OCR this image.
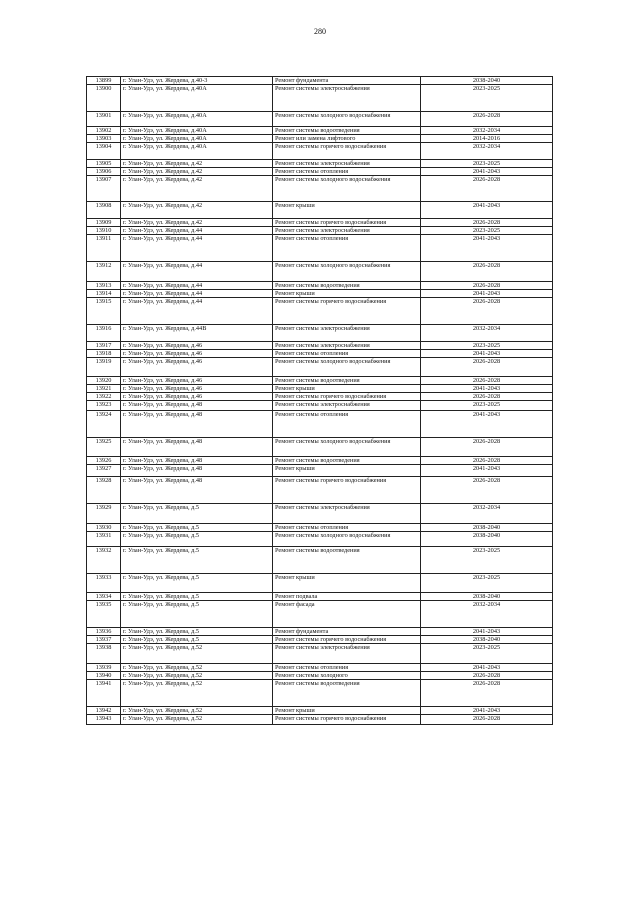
280
13899	г. Улан-Удэ, ул. Жердева, д.40-3	Ремонт фундамента	2038-2040
13900	г. Улан-Удэ, ул. Жердева, д.40А	Ремонт системы электроснабжения	2023-2025
13901	г. Улан-Удэ, ул. Жердева, д.40А	Ремонт системы холодного водоснабжения	2026-2028
13902	г. Улан-Удэ, ул. Жердева, д.40А	Ремонт системы водоотведения	2032-2034
13903	г. Улан-Удэ, ул. Жердева, д.40А	Ремонт или замена лифтового	2014-2016
13904	г. Улан-Удэ, ул. Жердева, д.40А	Ремонт системы горячего водоснабжения	2032-2034
13905	г. Улан-Удэ, ул. Жердева, д.42	Ремонт системы электроснабжения	2023-2025
13906	г. Улан-Удэ, ул. Жердева, д.42	Ремонт системы отопления	2041-2043
13907	г. Улан-Удэ, ул. Жердева, д.42	Ремонт системы холодного водоснабжения	2026-2028
13908	г. Улан-Удэ, ул. Жердева, д.42	Ремонт крыши	2041-2043
13909	г. Улан-Удэ, ул. Жердева, д.42	Ремонт системы горячего водоснабжения	2026-2028
13910	г. Улан-Удэ, ул. Жердева, д.44	Ремонт системы электроснабжения	2023-2025
13911	г. Улан-Удэ, ул. Жердева, д.44	Ремонт системы отопления	2041-2043
13912	г. Улан-Удэ, ул. Жердева, д.44	Ремонт системы холодного водоснабжения	2026-2028
13913	г. Улан-Удэ, ул. Жердева, д.44	Ремонт системы водоотведения	2026-2028
13914	г. Улан-Удэ, ул. Жердева, д.44	Ремонт крыши	2041-2043
13915	г. Улан-Удэ, ул. Жердева, д.44	Ремонт системы горячего водоснабжения	2026-2028
13916	г. Улан-Удэ, ул. Жердева, д.44В	Ремонт системы электроснабжения	2032-2034
13917	г. Улан-Удэ, ул. Жердева, д.46	Ремонт системы электроснабжения	2023-2025
13918	г. Улан-Удэ, ул. Жердева, д.46	Ремонт системы отопления	2041-2043
13919	г. Улан-Удэ, ул. Жердева, д.46	Ремонт системы холодного водоснабжения	2026-2028
13920	г. Улан-Удэ, ул. Жердева, д.46	Ремонт системы водоотведения	2026-2028
13921	г. Улан-Удэ, ул. Жердева, д.46	Ремонт крыши	2041-2043
13922	г. Улан-Удэ, ул. Жердева, д.46	Ремонт системы горячего водоснабжения	2026-2028
13923	г. Улан-Удэ, ул. Жердева, д.48	Ремонт системы электроснабжения	2023-2025
13924	г. Улан-Удэ, ул. Жердева, д.48	Ремонт системы отопления	2041-2043
13925	г. Улан-Удэ, ул. Жердева, д.48	Ремонт системы холодного водоснабжения	2026-2028
13926	г. Улан-Удэ, ул. Жердева, д.48	Ремонт системы водоотведения	2026-2028
13927	г. Улан-Удэ, ул. Жердева, д.48	Ремонт крыши	2041-2043
13928	г. Улан-Удэ, ул. Жердева, д.48	Ремонт системы горячего водоснабжения	2026-2028
13929	г. Улан-Удэ, ул. Жердева, д.5	Ремонт системы электроснабжения	2032-2034
13930	г. Улан-Удэ, ул. Жердева, д.5	Ремонт системы отопления	2038-2040
13931	г. Улан-Удэ, ул. Жердева, д.5	Ремонт системы холодного водоснабжения	2038-2040
13932	г. Улан-Удэ, ул. Жердева, д.5	Ремонт системы водоотведения	2023-2025
13933	г. Улан-Удэ, ул. Жердева, д.5	Ремонт крыши	2023-2025
13934	г. Улан-Удэ, ул. Жердева, д.5	Ремонт подвала	2038-2040
13935	г. Улан-Удэ, ул. Жердева, д.5	Ремонт фасада	2032-2034
13936	г. Улан-Удэ, ул. Жердева, д.5	Ремонт фундамента	2041-2043
13937	г. Улан-Удэ, ул. Жердева, д.5	Ремонт системы горячего водоснабжения	2038-2040
13938	г. Улан-Удэ, ул. Жердева, д.52	Ремонт системы электроснабжения	2023-2025
13939	г. Улан-Удэ, ул. Жердева, д.52	Ремонт системы отопления	2041-2043
13940	г. Улан-Удэ, ул. Жердева, д.52	Ремонт системы холодного	2026-2028
13941	г. Улан-Удэ, ул. Жердева, д.52	Ремонт системы водоотведения	2026-2028
13942	г. Улан-Удэ, ул. Жердева, д.52	Ремонт крыши	2041-2043
13943	г. Улан-Удэ, ул. Жердева, д.52	Ремонт системы горячего водоснабжения	2026-2028
